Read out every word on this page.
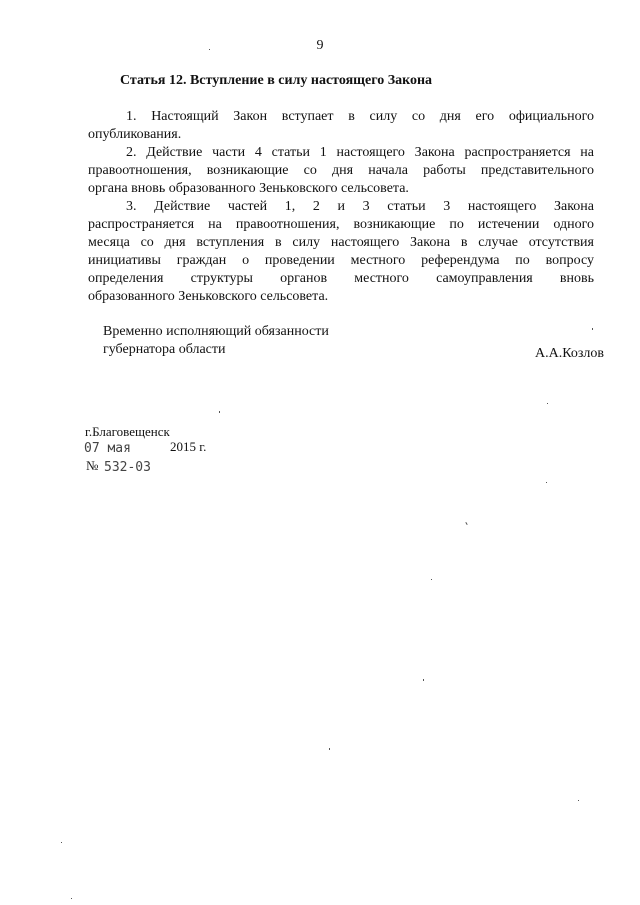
9
Статья 12. Вступление в силу настоящего Закона
1. Настоящий Закон вступает в силу со дня его официального
опубликования.
2. Действие части 4 статьи 1 настоящего Закона распространяется на
правоотношения, возникающие со дня начала работы представительного
органа вновь образованного Зеньковского сельсовета.
3. Действие частей 1, 2 и 3 статьи 3 настоящего Закона
распространяется на правоотношения, возникающие по истечении одного
месяца со дня вступления в силу настоящего Закона в случае отсутствия
инициативы граждан о проведении местного референдума по вопросу
определения структуры органов местного самоуправления вновь
образованного Зеньковского сельсовета.
Временно исполняющий обязанности
губернатора области	А.А.Козлов
г.Благовещенск
07 мая	2015 г.
№ 532-03
